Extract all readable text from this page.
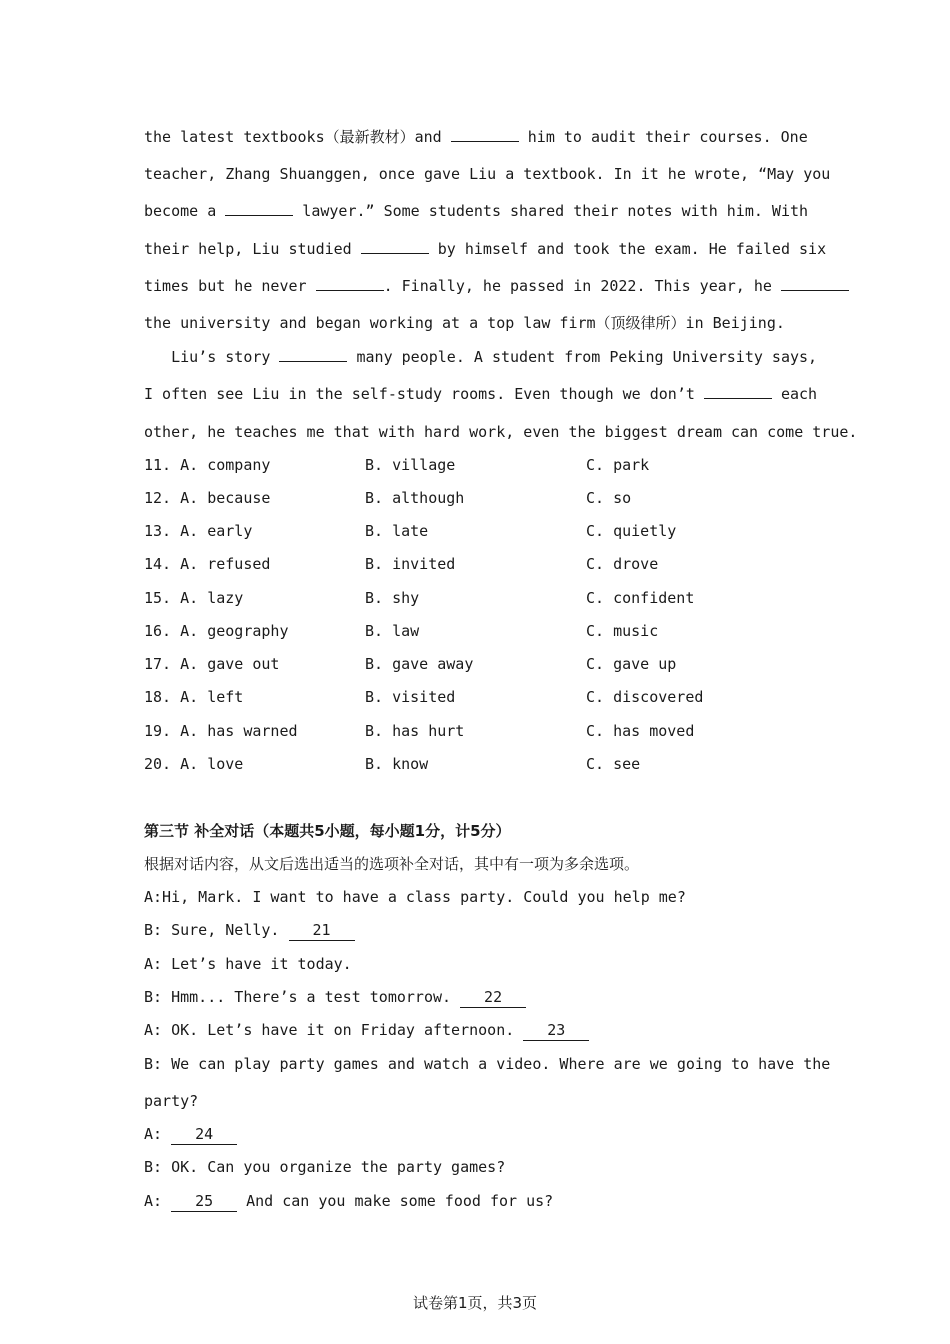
the latest textbooks（最新教材）and	him to audit their courses. One
teacher, Zhang Shuanggen, once gave Liu a textbook. In it he wrote, “May you
become a	lawyer.” Some students shared their notes with him. With
their help, Liu studied	by himself and took the exam. He failed six
times but he never	. Finally, he passed in 2022. This year, he
the university and began working at a top law firm（顶级律所）in Beijing.
Liu’s story	many people. A student from Peking University says,
I often see Liu in the self-study rooms. Even though we don’t	each
other, he teaches me that with hard work, even the biggest dream can come true.
11. A. company	B. village	C. park
12. A. because	B. although	C. so
13. A. early	B. late	C. quietly
14. A. refused	B. invited	C. drove
15. A. lazy	B. shy	C. confident
16. A. geography	B. law	C. music
17. A. gave out	B. gave away	C. gave up
18. A. left	B. visited	C. discovered
19. A. has warned	B. has hurt	C. has moved
20. A. love	B. know	C. see
第三节 补全对话（本题共5小题，每小题1分，计5分）
根据对话内容，从文后选出适当的选项补全对话，其中有一项为多余选项。
A:Hi, Mark. I want to have a class party. Could you help me?
B: Sure, Nelly. 21
A: Let’s have it today.
B: Hmm... There’s a test tomorrow. 22
A: OK. Let’s have it on Friday afternoon. 23
B: We can play party games and watch a video. Where are we going to have the
party?
A: 24
B: OK. Can you organize the party games?
A: 25 And can you make some food for us?
试卷第1页，共3页
